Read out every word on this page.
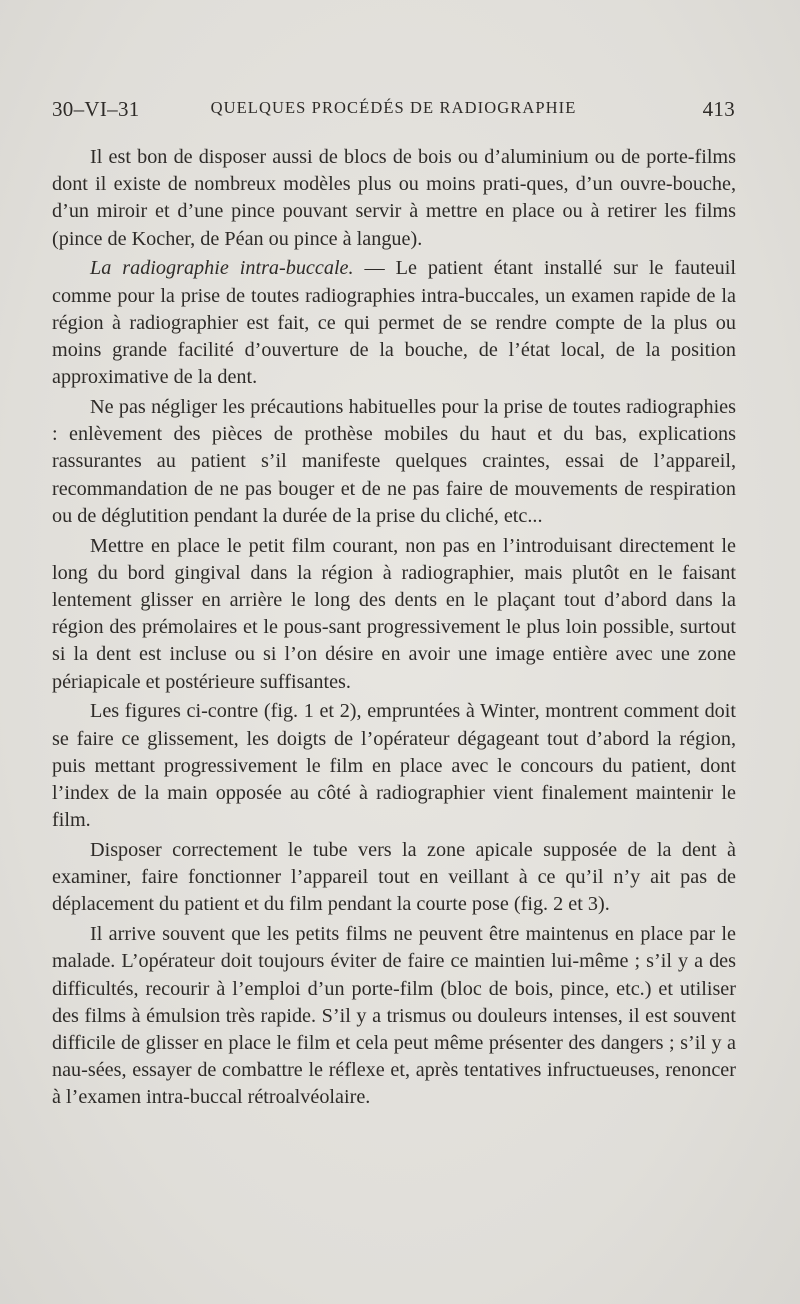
30–VI–31	QUELQUES PROCÉDÉS DE RADIOGRAPHIE	413

Il est bon de disposer aussi de blocs de bois ou d’aluminium ou de porte-films dont il existe de nombreux modèles plus ou moins prati-ques, d’un ouvre-bouche, d’un miroir et d’une pince pouvant servir à mettre en place ou à retirer les films (pince de Kocher, de Péan ou pince à langue).

La radiographie intra-buccale. — Le patient étant installé sur le fauteuil comme pour la prise de toutes radiographies intra-buccales, un examen rapide de la région à radiographier est fait, ce qui permet de se rendre compte de la plus ou moins grande facilité d’ouverture de la bouche, de l’état local, de la position approximative de la dent.

Ne pas négliger les précautions habituelles pour la prise de toutes radiographies : enlèvement des pièces de prothèse mobiles du haut et du bas, explications rassurantes au patient s’il manifeste quelques craintes, essai de l’appareil, recommandation de ne pas bouger et de ne pas faire de mouvements de respiration ou de déglutition pendant la durée de la prise du cliché, etc...

Mettre en place le petit film courant, non pas en l’introduisant directement le long du bord gingival dans la région à radiographier, mais plutôt en le faisant lentement glisser en arrière le long des dents en le plaçant tout d’abord dans la région des prémolaires et le pous-sant progressivement le plus loin possible, surtout si la dent est incluse ou si l’on désire en avoir une image entière avec une zone périapicale et postérieure suffisantes.

Les figures ci-contre (fig. 1 et 2), empruntées à Winter, montrent comment doit se faire ce glissement, les doigts de l’opérateur dégageant tout d’abord la région, puis mettant progressivement le film en place avec le concours du patient, dont l’index de la main opposée au côté à radiographier vient finalement maintenir le film.

Disposer correctement le tube vers la zone apicale supposée de la dent à examiner, faire fonctionner l’appareil tout en veillant à ce qu’il n’y ait pas de déplacement du patient et du film pendant la courte pose (fig. 2 et 3).

Il arrive souvent que les petits films ne peuvent être maintenus en place par le malade. L’opérateur doit toujours éviter de faire ce maintien lui-même ; s’il y a des difficultés, recourir à l’emploi d’un porte-film (bloc de bois, pince, etc.) et utiliser des films à émulsion très rapide. S’il y a trismus ou douleurs intenses, il est souvent difficile de glisser en place le film et cela peut même présenter des dangers ; s’il y a nau-sées, essayer de combattre le réflexe et, après tentatives infructueuses, renoncer à l’examen intra-buccal rétroalvéolaire.
